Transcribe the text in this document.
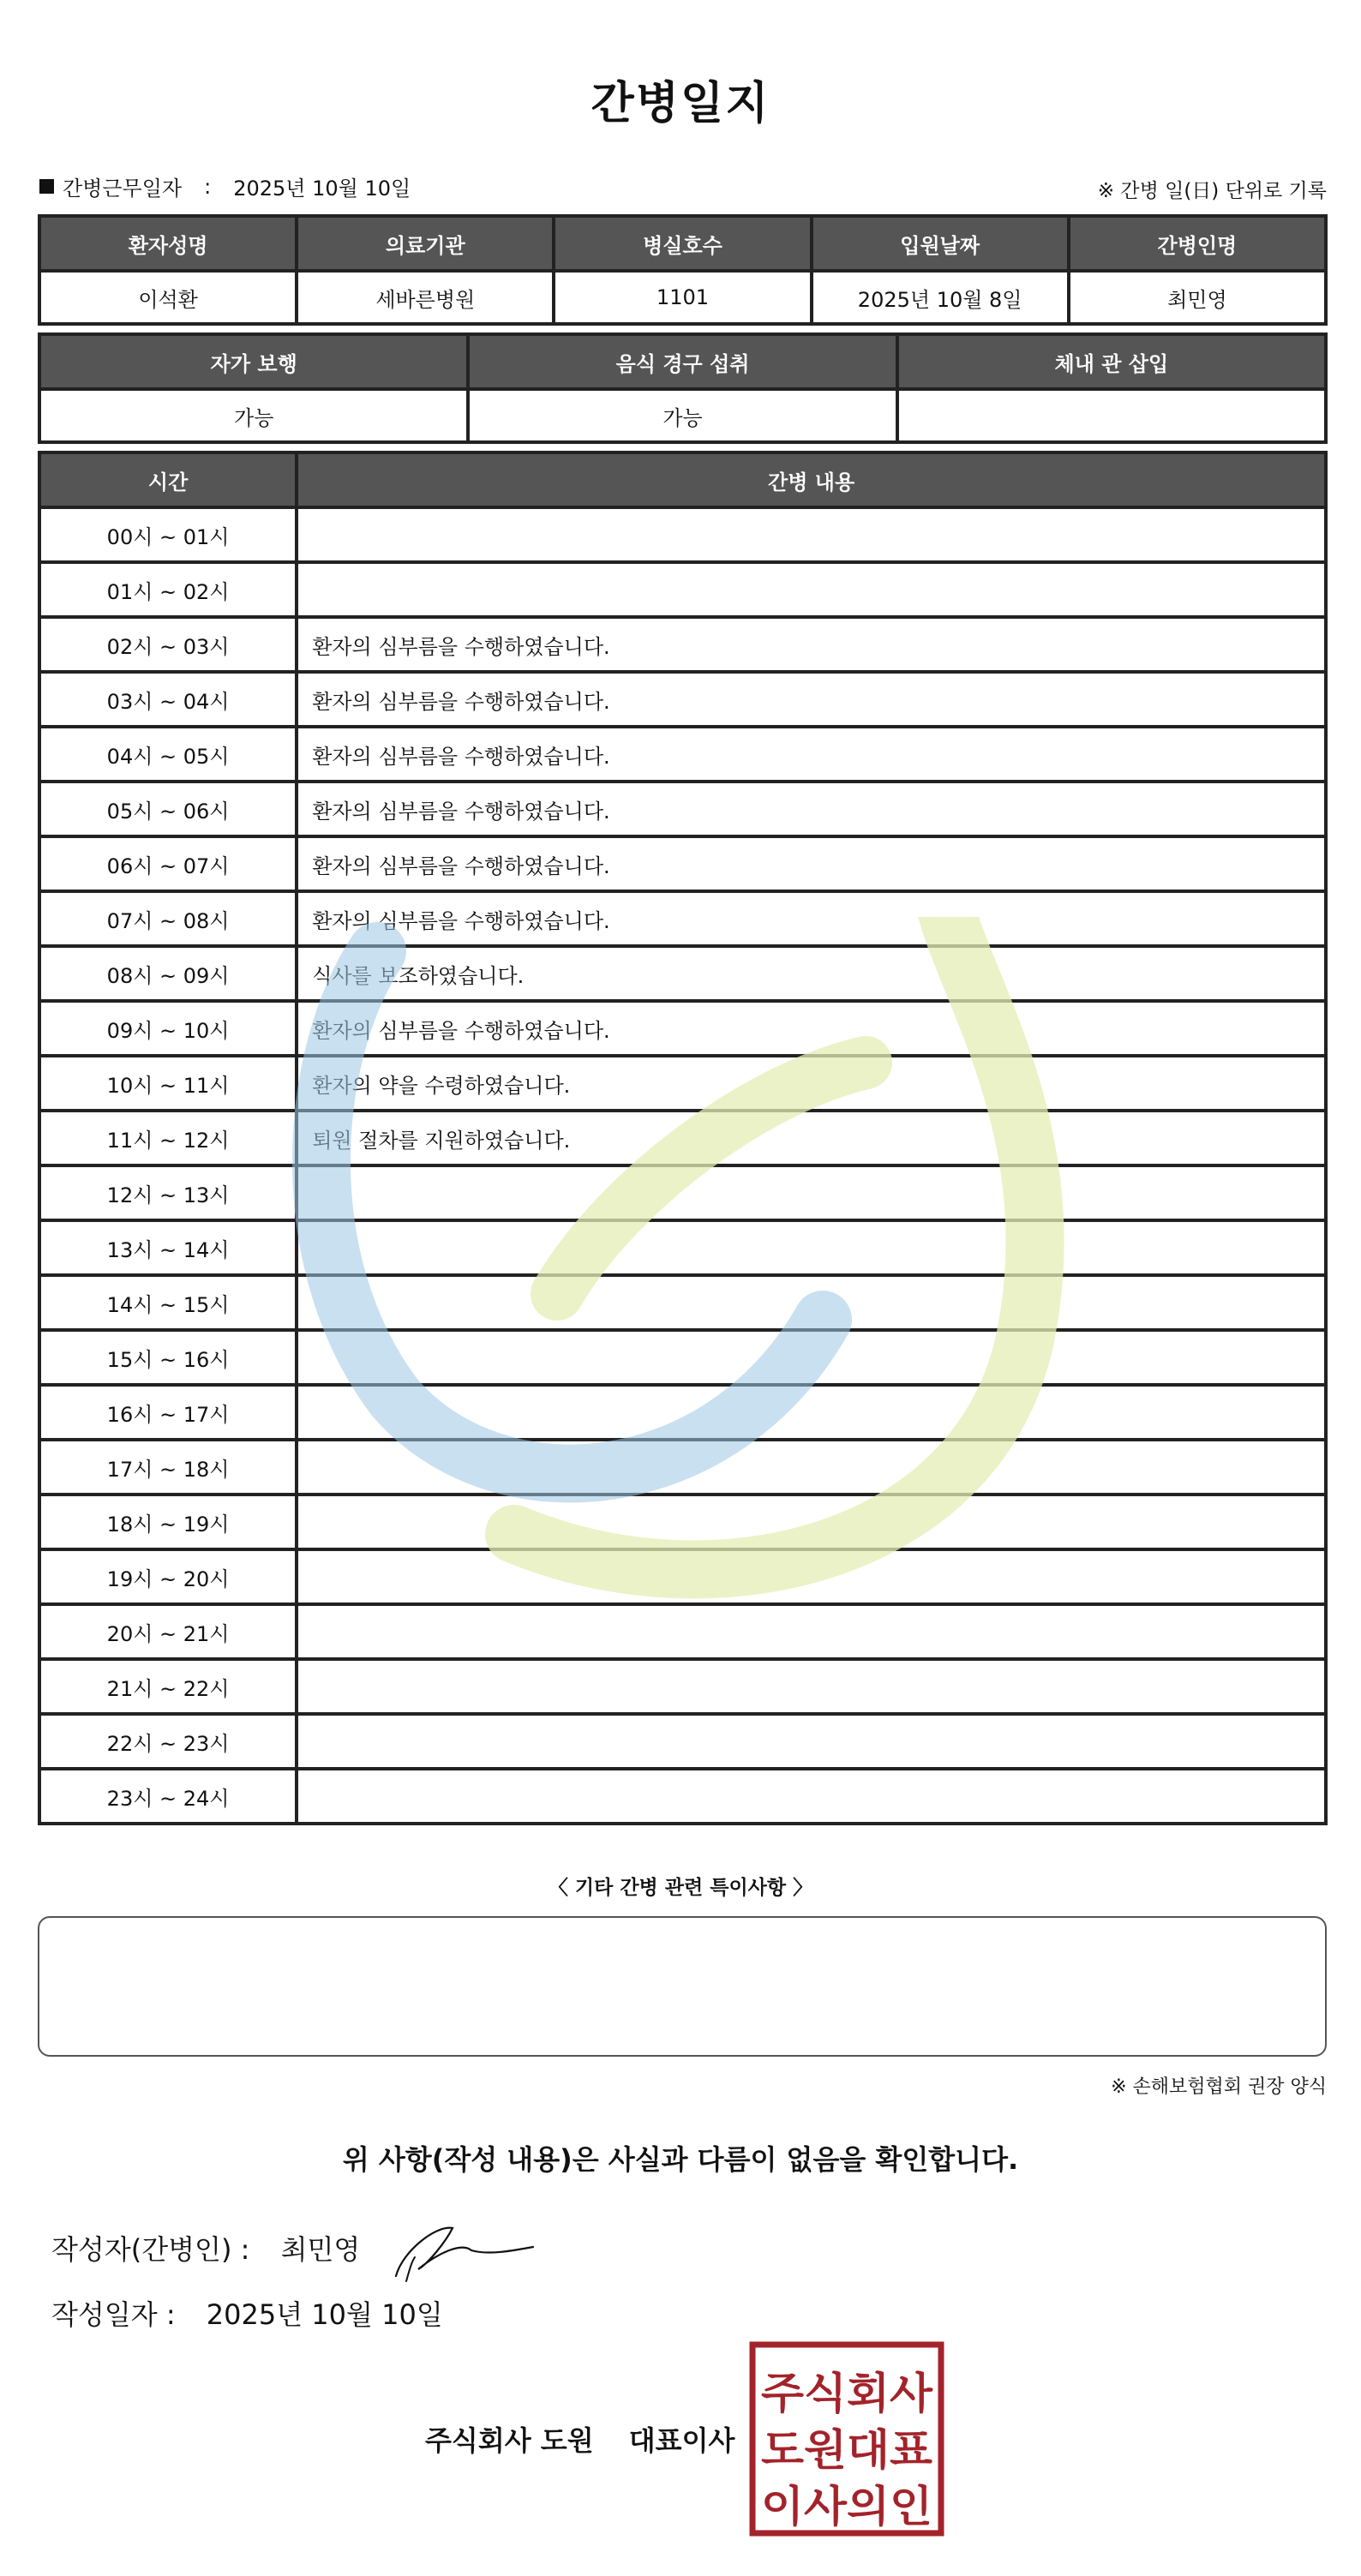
간병일지
간병근무일자 : 2025년 10월 10일	※ 간병 일(日) 단위로 기록
환자성명	의료기관	병실호수	입원날짜	간병인명
이석환	세바른병원	1101	2025년 10월 8일	최민영
자가 보행	음식 경구 섭취	체내 관 삽입
가능	가능	
시간	간병 내용
00시 ~ 01시	
01시 ~ 02시	
02시 ~ 03시	환자의 심부름을 수행하였습니다.
03시 ~ 04시	환자의 심부름을 수행하였습니다.
04시 ~ 05시	환자의 심부름을 수행하였습니다.
05시 ~ 06시	환자의 심부름을 수행하였습니다.
06시 ~ 07시	환자의 심부름을 수행하였습니다.
07시 ~ 08시	환자의 심부름을 수행하였습니다.
08시 ~ 09시	식사를 보조하였습니다.
09시 ~ 10시	환자의 심부름을 수행하였습니다.
10시 ~ 11시	환자의 약을 수령하였습니다.
11시 ~ 12시	퇴원 절차를 지원하였습니다.
12시 ~ 13시	
13시 ~ 14시	
14시 ~ 15시	
15시 ~ 16시	
16시 ~ 17시	
17시 ~ 18시	
18시 ~ 19시	
19시 ~ 20시	
20시 ~ 21시	
21시 ~ 22시	
22시 ~ 23시	
23시 ~ 24시	
〈 기타 간병 관련 특이사항 〉
※ 손해보험협회 권장 양식
위 사항(작성 내용)은 사실과 다름이 없음을 확인합니다.
작성자(간병인) : 최민영
작성일자 : 2025년 10월 10일
주식회사 도원 대표이사
주식회사
도원대표
이사의인
